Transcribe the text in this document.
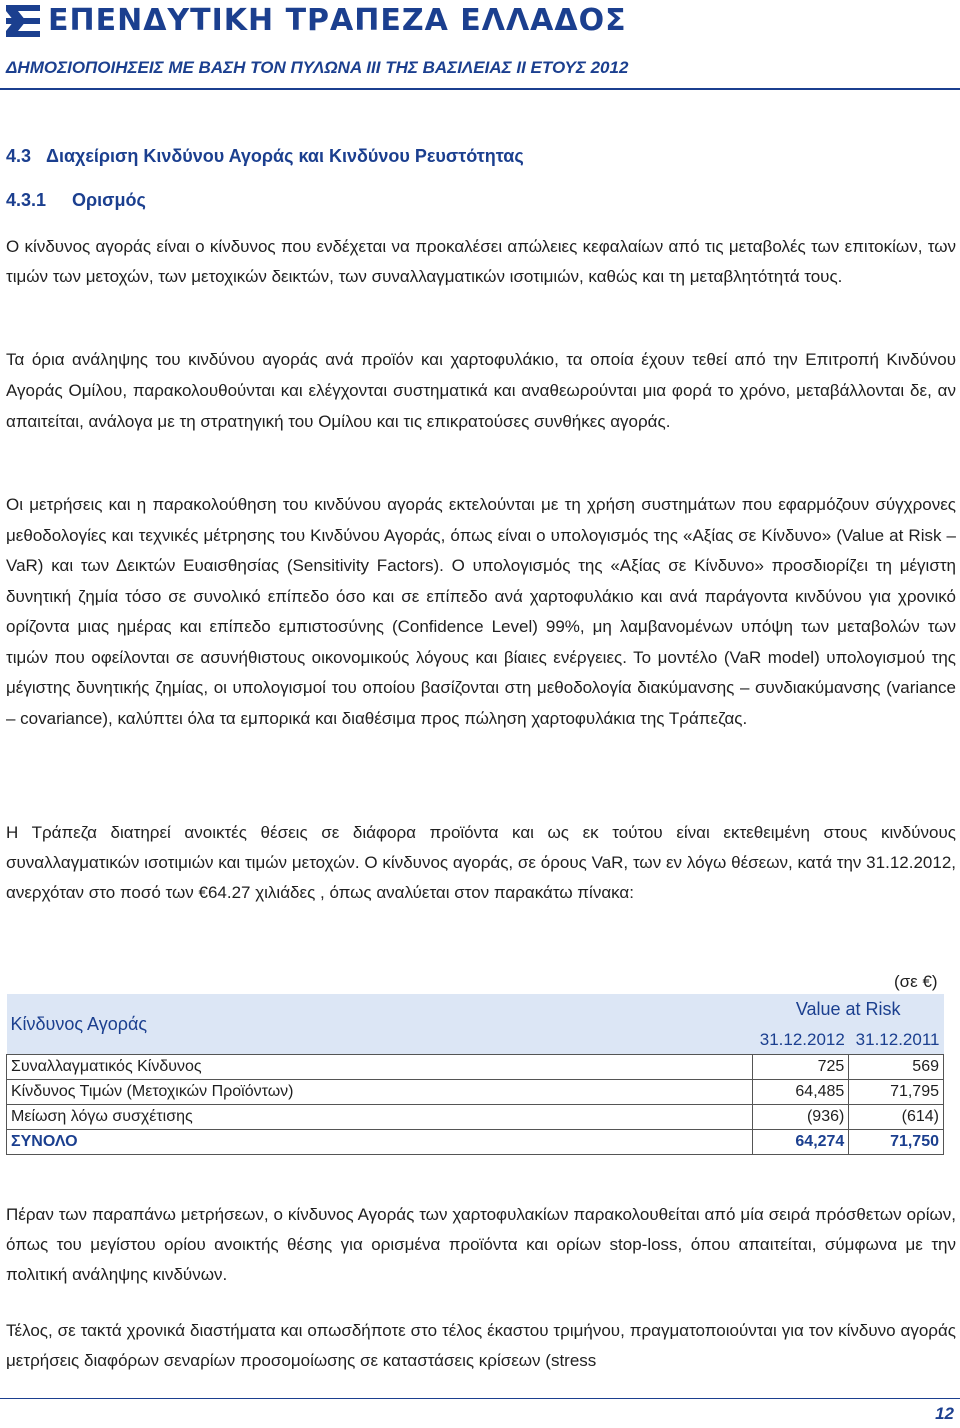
ΕΠΕΝΔΥΤΙΚΗ ΤΡΑΠΕΖΑ ΕΛΛΑΔΟΣ
ΔΗΜΟΣΙΟΠΟΙΗΣΕΙΣ ΜΕ ΒΑΣΗ ΤΟΝ ΠΥΛΩΝΑ ΙΙΙ ΤΗΣ ΒΑΣΙΛΕΙΑΣ ΙΙ ΕΤΟΥΣ 2012
4.3 Διαχείριση Κινδύνου Αγοράς και Κινδύνου Ρευστότητας
4.3.1 Ορισμός

Ο κίνδυνος αγοράς είναι ο κίνδυνος που ενδέχεται να προκαλέσει απώλειες κεφαλαίων από τις μεταβολές των επιτοκίων, των τιμών των μετοχών, των μετοχικών δεικτών, των συναλλαγματικών ισοτιμιών, καθώς και τη μεταβλητότητά τους.

Τα όρια ανάληψης του κινδύνου αγοράς ανά προϊόν και χαρτοφυλάκιο, τα οποία έχουν τεθεί από την Επιτροπή Κινδύνου Αγοράς Ομίλου, παρακολουθούνται και ελέγχονται συστηματικά και αναθεωρούνται μια φορά το χρόνο, μεταβάλλονται δε, αν απαιτείται, ανάλογα με τη στρατηγική του Ομίλου και τις επικρατούσες συνθήκες αγοράς.

Οι μετρήσεις και η παρακολούθηση του κινδύνου αγοράς εκτελούνται με τη χρήση συστημάτων που εφαρμόζουν σύγχρονες μεθοδολογίες και τεχνικές μέτρησης του Κινδύνου Αγοράς, όπως είναι ο υπολογισμός της «Αξίας σε Κίνδυνο» (Value at Risk – VaR) και των Δεικτών Ευαισθησίας (Sensitivity Factors). Ο υπολογισμός της «Αξίας σε Κίνδυνο» προσδιορίζει τη μέγιστη δυνητική ζημία τόσο σε συνολικό επίπεδο όσο και σε επίπεδο ανά χαρτοφυλάκιο και ανά παράγοντα κινδύνου για χρονικό ορίζοντα μιας ημέρας και επίπεδο εμπιστοσύνης (Confidence Level) 99%, μη λαμβανομένων υπόψη των μεταβολών των τιμών που οφείλονται σε ασυνήθιστους οικονομικούς λόγους και βίαιες ενέργειες. Το μοντέλο (VaR model) υπολογισμού της μέγιστης δυνητικής ζημίας, οι υπολογισμοί του οποίου βασίζονται στη μεθοδολογία διακύμανσης – συνδιακύμανσης (variance – covariance), καλύπτει όλα τα εμπορικά και διαθέσιμα προς πώληση χαρτοφυλάκια της Τράπεζας.

Η Τράπεζα διατηρεί ανοικτές θέσεις σε διάφορα προϊόντα και ως εκ τούτου είναι εκτεθειμένη στους κινδύνους συναλλαγματικών ισοτιμιών και τιμών μετοχών. Ο κίνδυνος αγοράς, σε όρους VaR, των εν λόγω θέσεων, κατά την 31.12.2012, ανερχόταν στο ποσό των €64.27 χιλιάδες , όπως αναλύεται στον παρακάτω πίνακα:

(σε €)
Κίνδυνος Αγοράς	Value at Risk	
	31.12.2012	31.12.2011
Συναλλαγματικός Κίνδυνος	725	569
Κίνδυνος Τιμών (Μετοχικών Προϊόντων)	64,485	71,795
Μείωση λόγω συσχέτισης	(936)	(614)
ΣΥΝΟΛΟ	64,274	71,750

Πέραν των παραπάνω μετρήσεων, ο κίνδυνος Αγοράς των χαρτοφυλακίων παρακολουθείται από μία σειρά πρόσθετων ορίων, όπως του μεγίστου ορίου ανοικτής θέσης για ορισμένα προϊόντα και ορίων stop-loss, όπου απαιτείται, σύμφωνα με την πολιτική ανάληψης κινδύνων.

Τέλος, σε τακτά χρονικά διαστήματα και οπωσδήποτε στο τέλος έκαστου τριμήνου, πραγματοποιούνται για τον κίνδυνο αγοράς μετρήσεις διαφόρων σεναρίων προσομοίωσης σε καταστάσεις κρίσεων (stress

12
